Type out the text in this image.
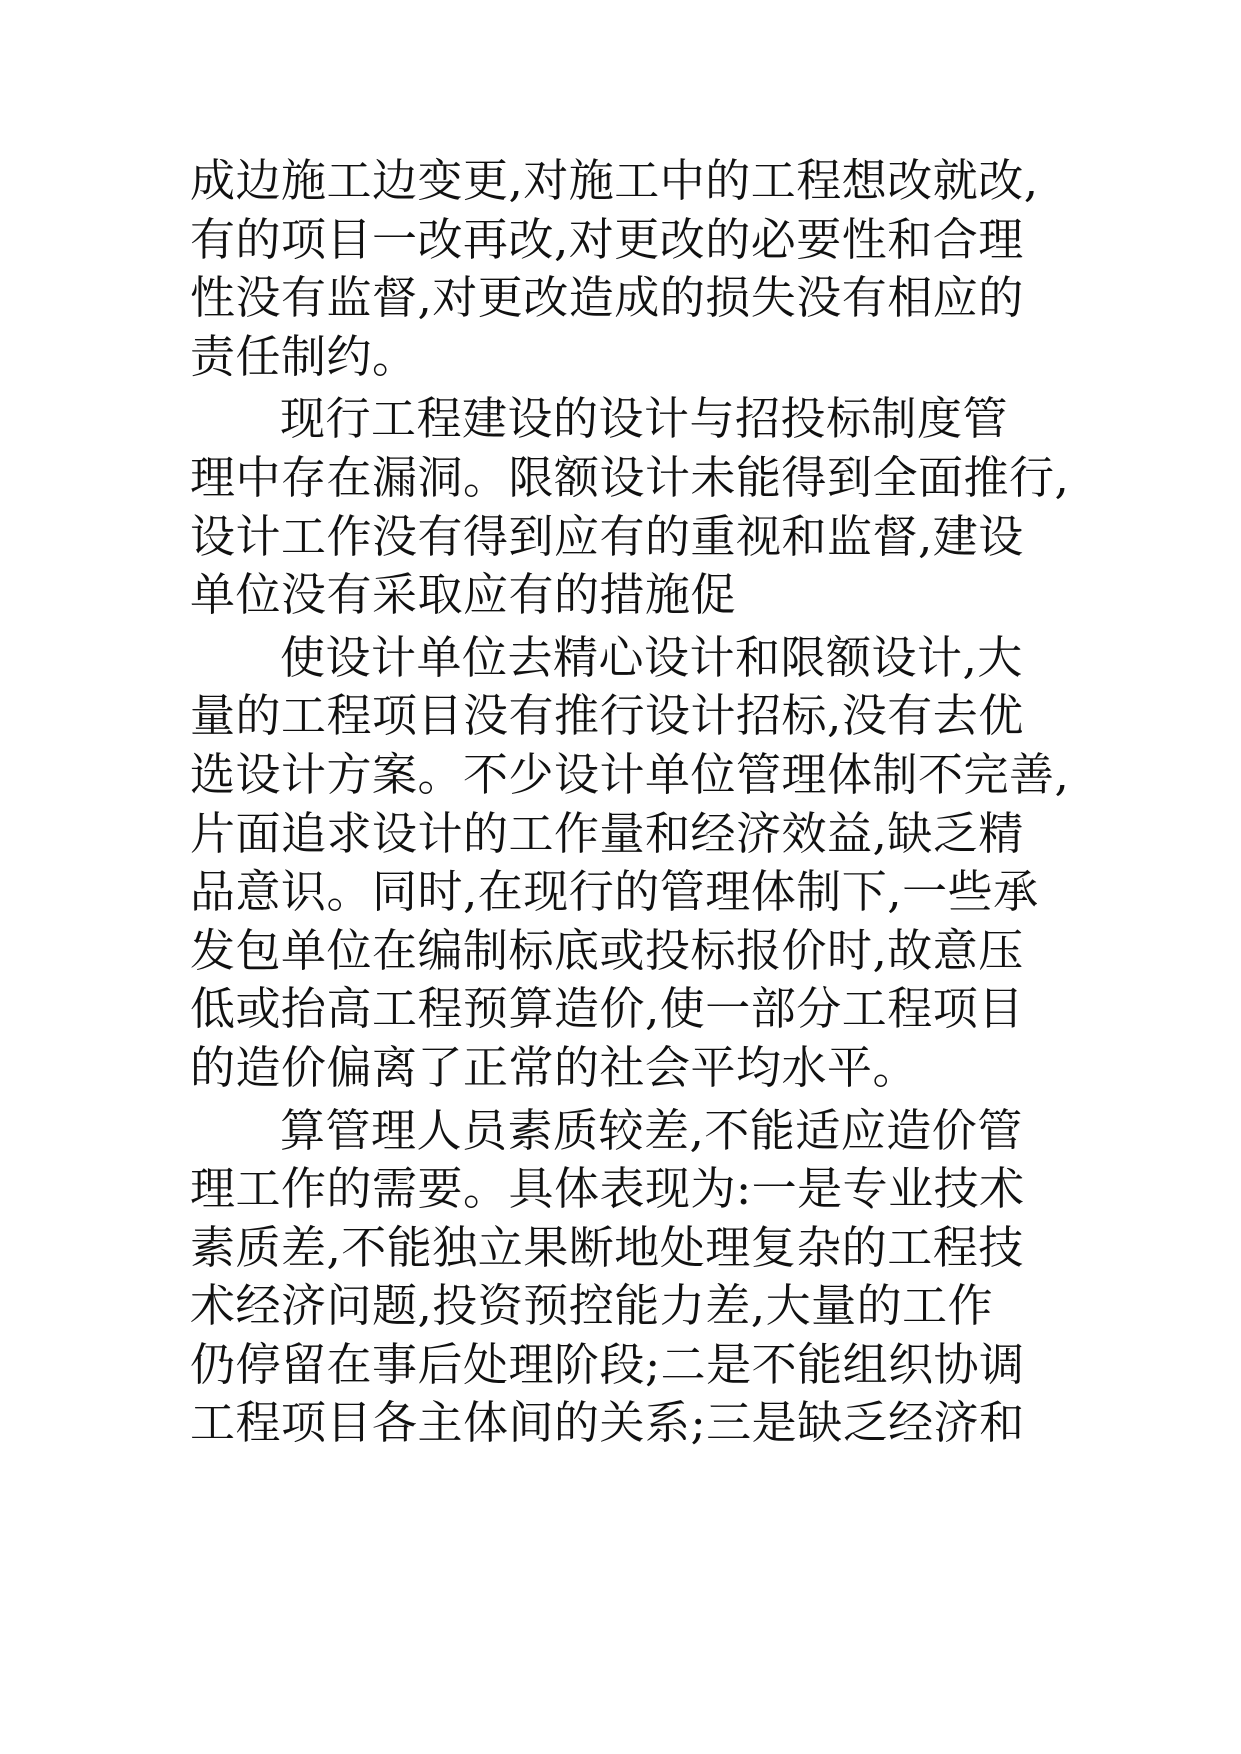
成边施工边变更,对施工中的工程想改就改,
有的项目一改再改,对更改的必要性和合理
性没有监督,对更改造成的损失没有相应的
责任制约。
现行工程建设的设计与招投标制度管
理中存在漏洞。限额设计未能得到全面推行,
设计工作没有得到应有的重视和监督,建设
单位没有采取应有的措施促
使设计单位去精心设计和限额设计,大
量的工程项目没有推行设计招标,没有去优
选设计方案。不少设计单位管理体制不完善,
片面追求设计的工作量和经济效益,缺乏精
品意识。同时,在现行的管理体制下,一些承
发包单位在编制标底或投标报价时,故意压
低或抬高工程预算造价,使一部分工程项目
的造价偏离了正常的社会平均水平。
算管理人员素质较差,不能适应造价管
理工作的需要。具体表现为:一是专业技术
素质差,不能独立果断地处理复杂的工程技
术经济问题,投资预控能力差,大量的工作
仍停留在事后处理阶段;二是不能组织协调
工程项目各主体间的关系;三是缺乏经济和
